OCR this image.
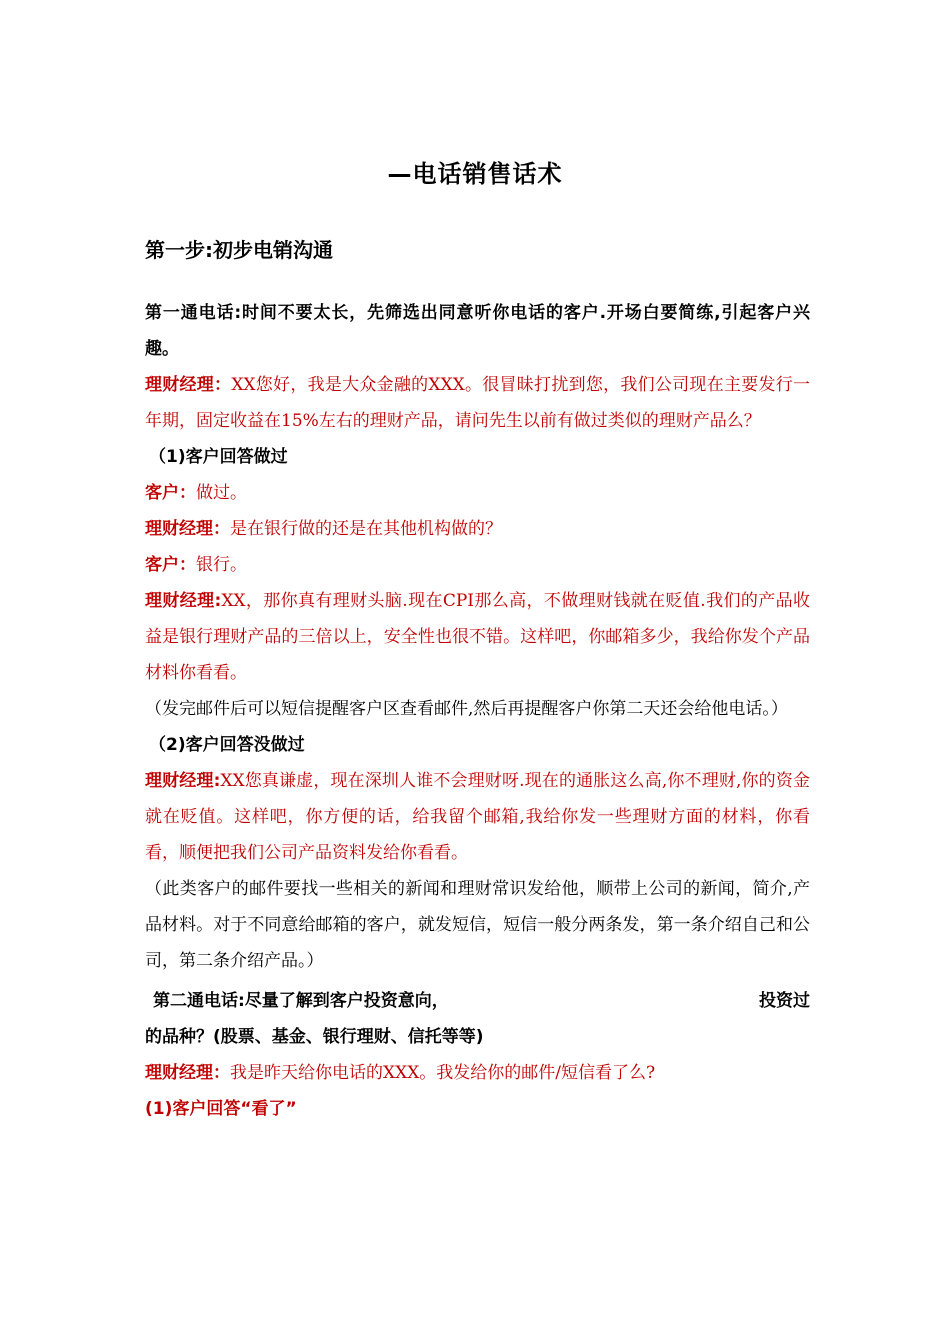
—电话销售话术
第一步:初步电销沟通

第一通电话:时间不要太长，先筛选出同意听你电话的客户.开场白要简练,引起客户兴趣。

理财经理：XX您好，我是大众金融的XXX。很冒昧打扰到您，我们公司现在主要发行一年期，固定收益在15%左右的理财产品，请问先生以前有做过类似的理财产品么？

（1)客户回答做过

客户：做过。

理财经理：是在银行做的还是在其他机构做的？

客户：银行。

理财经理:XX，那你真有理财头脑.现在CPI那么高，不做理财钱就在贬值.我们的产品收益是银行理财产品的三倍以上，安全性也很不错。这样吧，你邮箱多少，我给你发个产品材料你看看。

（发完邮件后可以短信提醒客户区查看邮件,然后再提醒客户你第二天还会给他电话。）

（2)客户回答没做过

理财经理:XX您真谦虚，现在深圳人谁不会理财呀.现在的通胀这么高,你不理财,你的资金就在贬值。这样吧，你方便的话，给我留个邮箱,我给你发一些理财方面的材料，你看看，顺便把我们公司产品资料发给你看看。

（此类客户的邮件要找一些相关的新闻和理财常识发给他，顺带上公司的新闻，简介,产品材料。对于不同意给邮箱的客户，就发短信，短信一般分两条发，第一条介绍自己和公司，第二条介绍产品。）

第二通电话:尽量了解到客户投资意向，	投资过

的品种？(股票、基金、银行理财、信托等等)

理财经理：我是昨天给你电话的XXX。我发给你的邮件/短信看了么?

(1)客户回答“看了”
